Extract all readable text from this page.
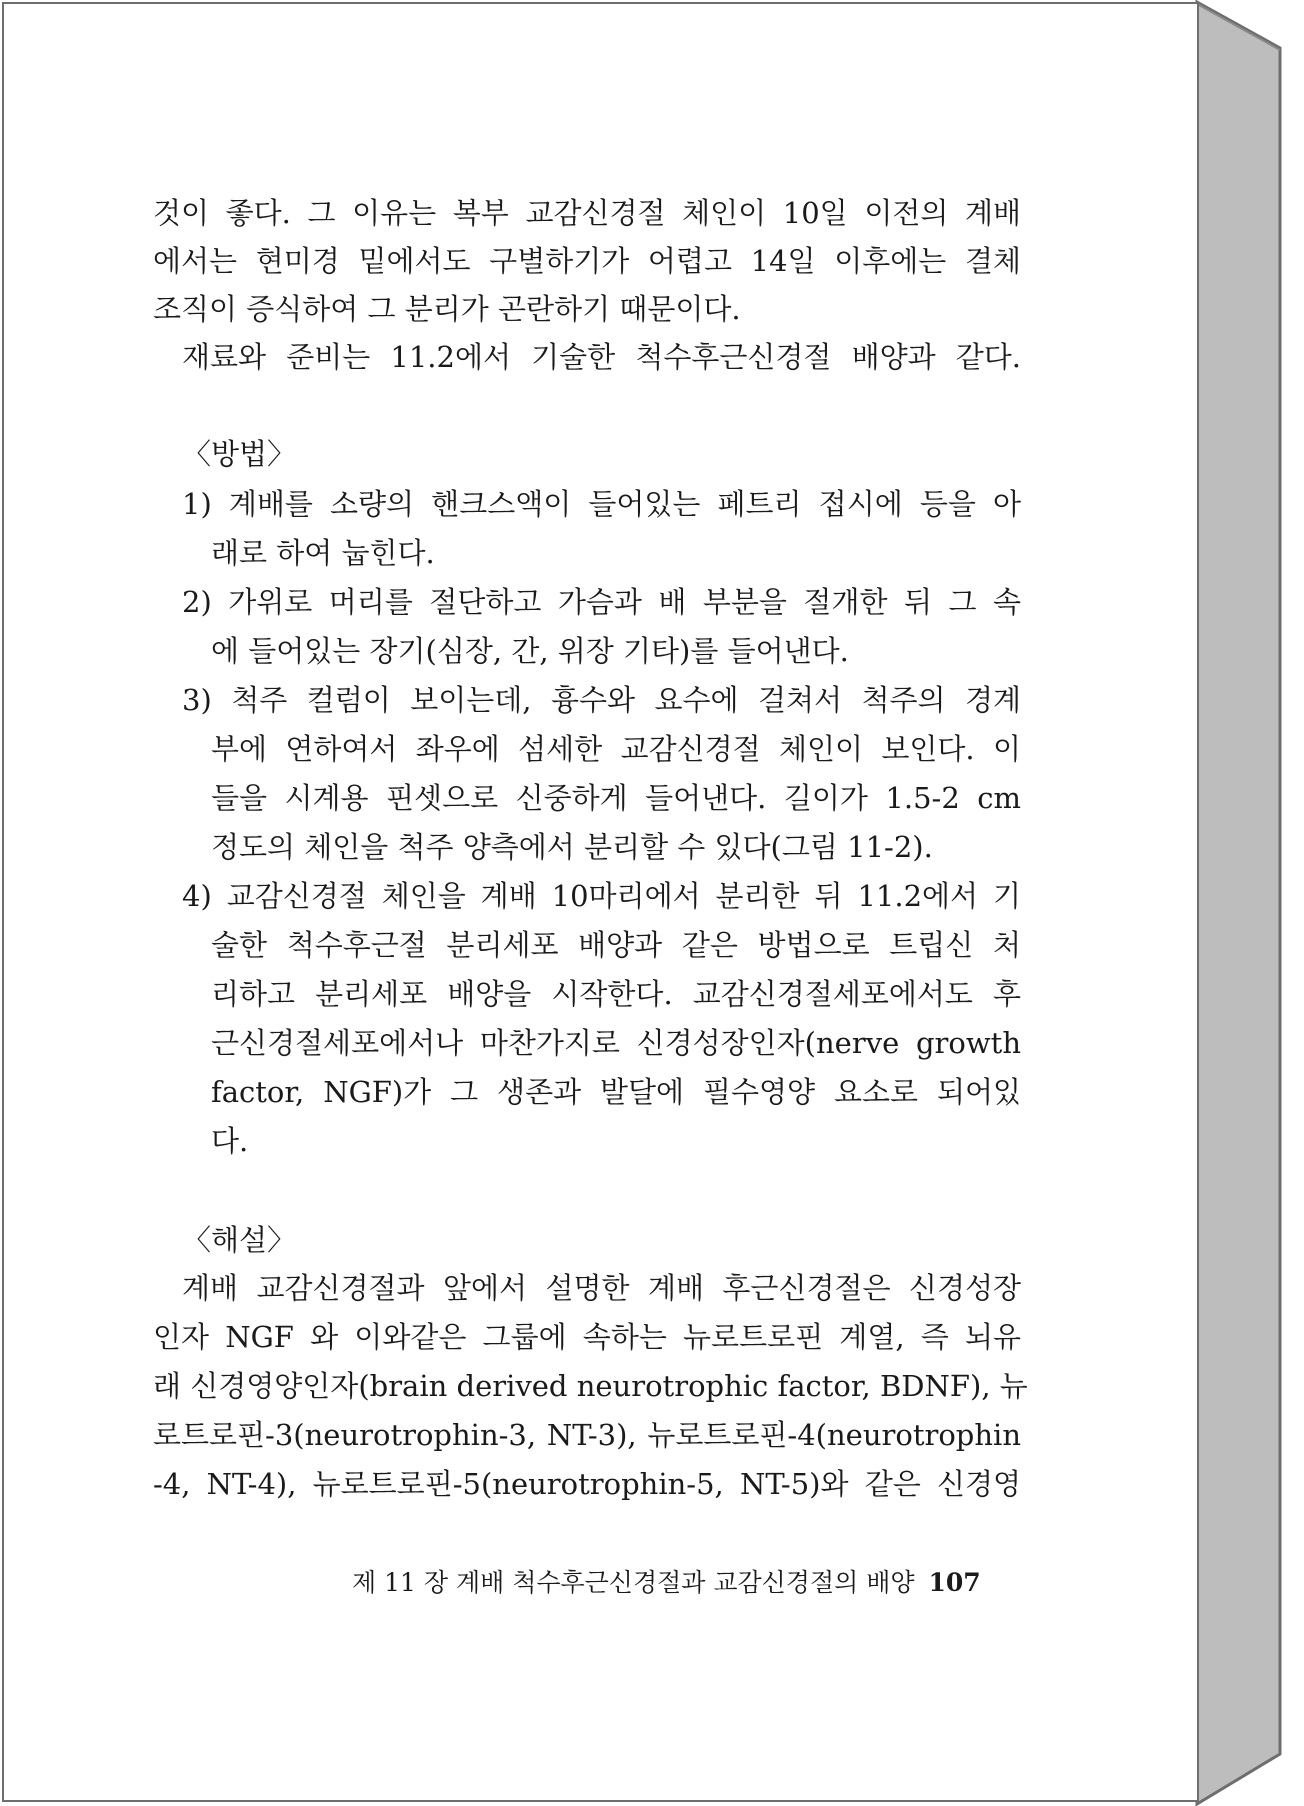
것이 좋다. 그 이유는 복부 교감신경절 체인이 10일 이전의 계배
에서는 현미경 밑에서도 구별하기가 어렵고 14일 이후에는 결체
조직이 증식하여 그 분리가 곤란하기 때문이다.
재료와 준비는 11.2에서 기술한 척수후근신경절 배양과 같다.
〈방법〉
1) 계배를 소량의 핸크스액이 들어있는 페트리 접시에 등을 아
래로 하여 눕힌다.
2) 가위로 머리를 절단하고 가슴과 배 부분을 절개한 뒤 그 속
에 들어있는 장기(심장, 간, 위장 기타)를 들어낸다.
3) 척주 컬럼이 보이는데, 흉수와 요수에 걸쳐서 척주의 경계
부에 연하여서 좌우에 섬세한 교감신경절 체인이 보인다. 이
들을 시계용 핀셋으로 신중하게 들어낸다. 길이가 1.5-2 cm
정도의 체인을 척주 양측에서 분리할 수 있다(그림 11-2).
4) 교감신경절 체인을 계배 10마리에서 분리한 뒤 11.2에서 기
술한 척수후근절 분리세포 배양과 같은 방법으로 트립신 처
리하고 분리세포 배양을 시작한다. 교감신경절세포에서도 후
근신경절세포에서나 마찬가지로 신경성장인자(nerve growth
factor, NGF)가 그 생존과 발달에 필수영양 요소로 되어있
다.
〈해설〉
계배 교감신경절과 앞에서 설명한 계배 후근신경절은 신경성장
인자 NGF 와 이와같은 그룹에 속하는 뉴로트로핀 계열, 즉 뇌유
래 신경영양인자(brain derived neurotrophic factor, BDNF), 뉴
로트로핀-3(neurotrophin-3, NT-3), 뉴로트로핀-4(neurotrophin
-4, NT-4), 뉴로트로핀-5(neurotrophin-5, NT-5)와 같은 신경영
제 11 장 계배 척수후근신경절과 교감신경절의 배양 107
